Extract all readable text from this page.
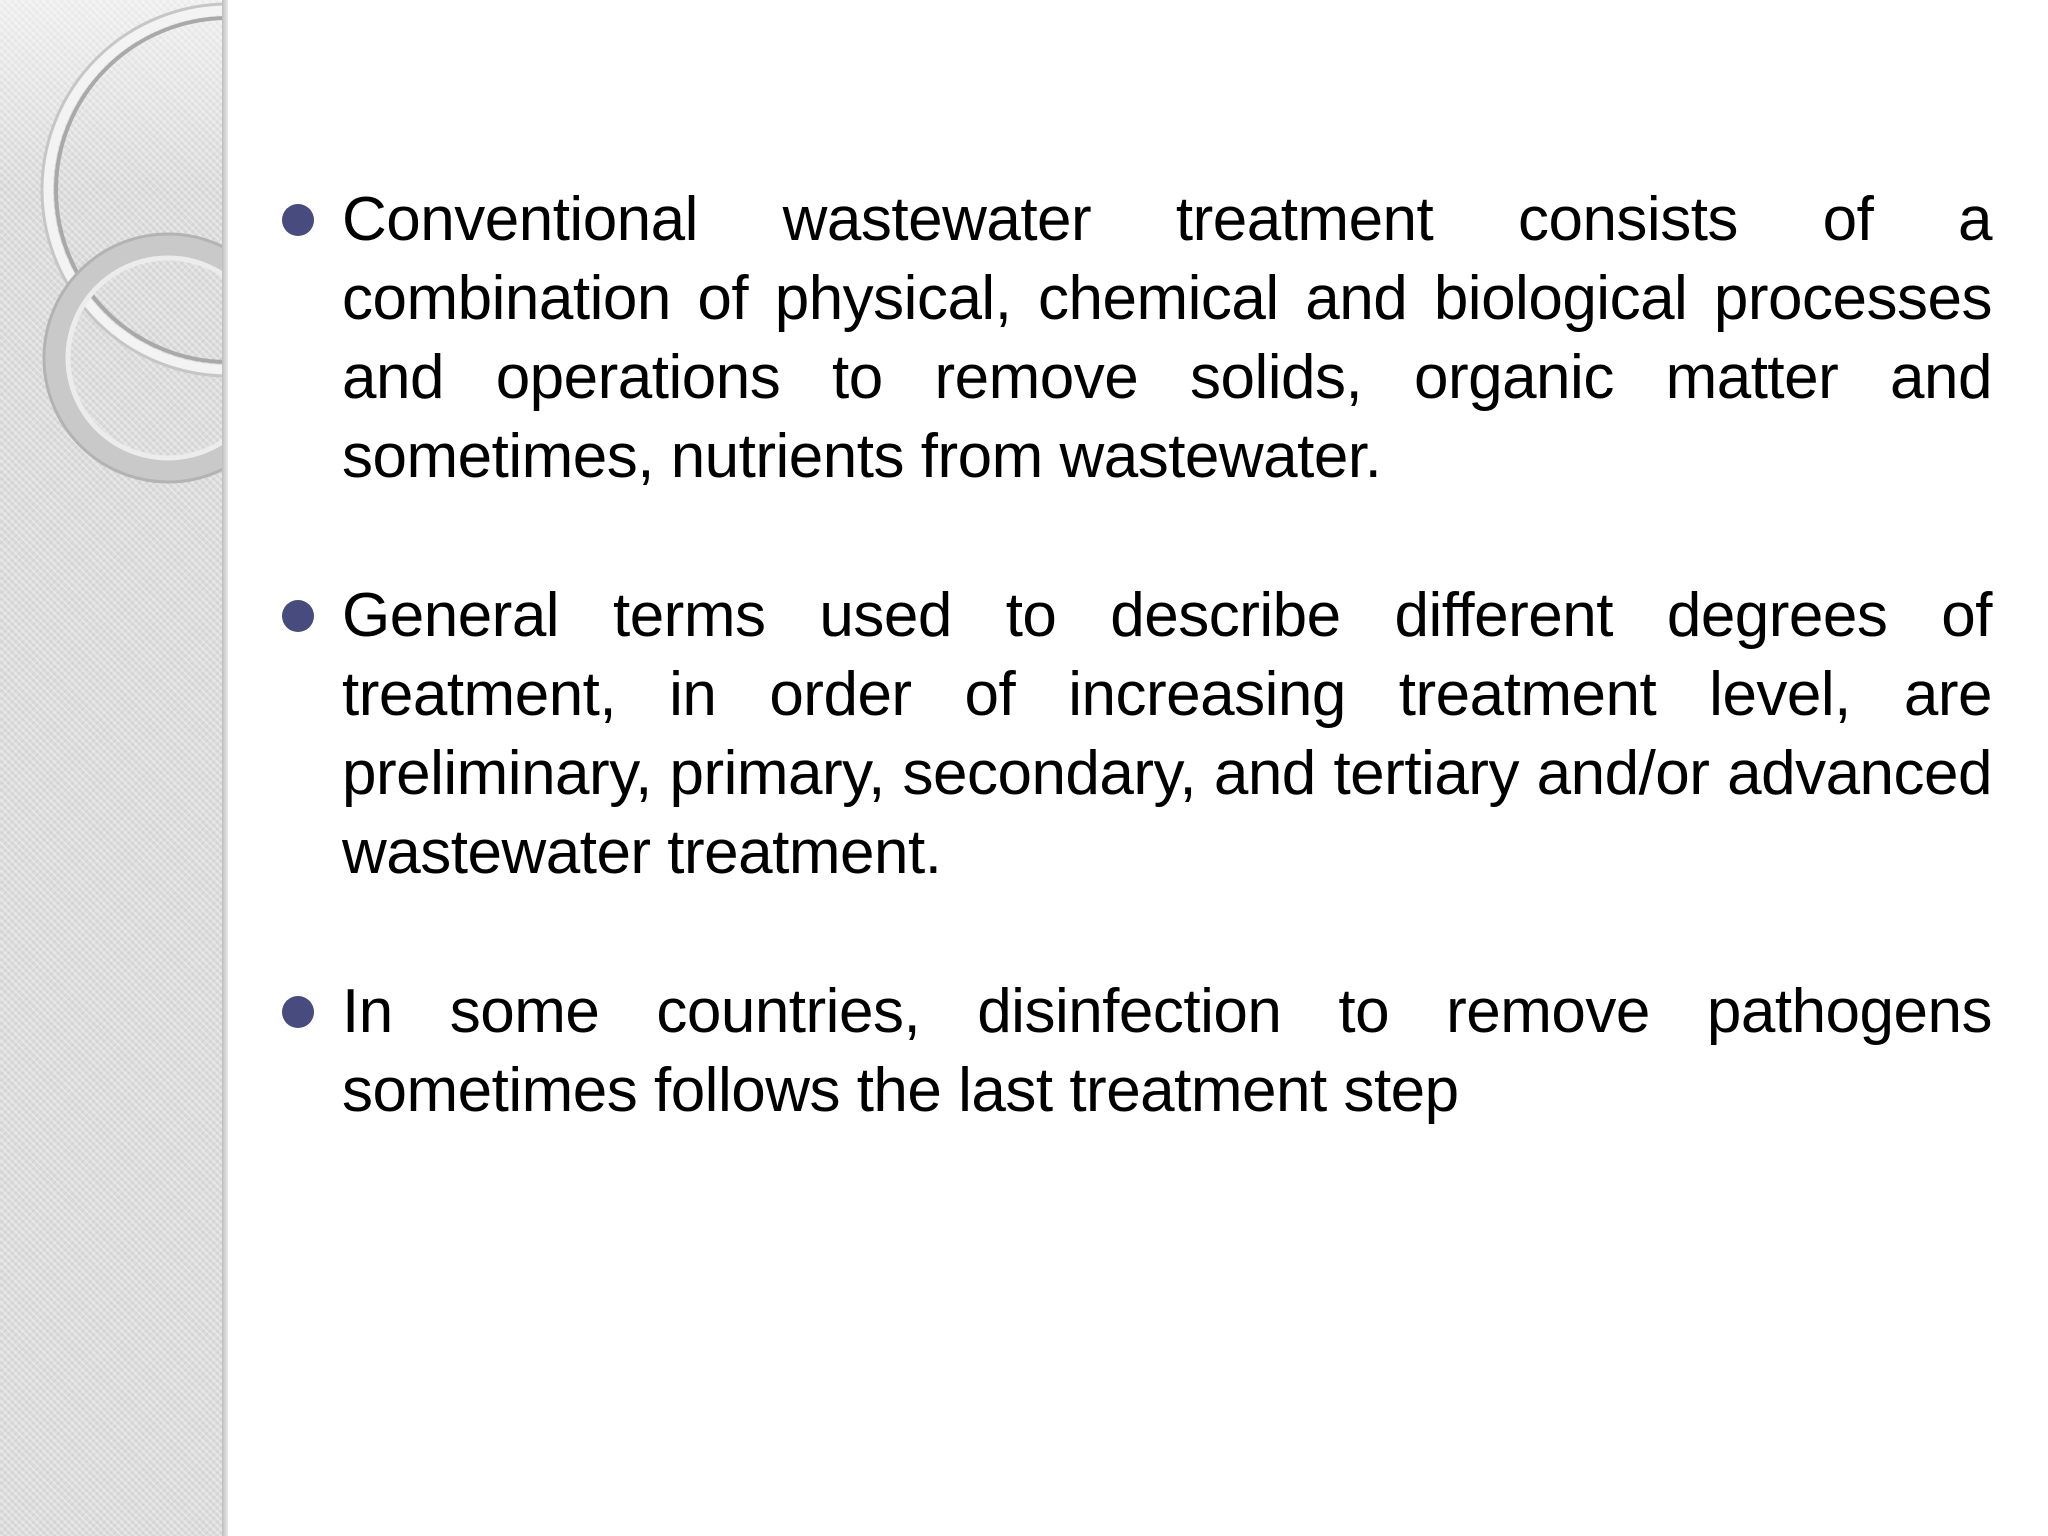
Conventional wastewater treatment consists of a combination of physical, chemical and biological processes and operations to remove solids, organic matter and sometimes, nutrients from wastewater.

General terms used to describe different degrees of treatment, in order of increasing treatment level, are preliminary, primary, secondary, and tertiary and/or advanced wastewater treatment.

In some countries, disinfection to remove pathogens sometimes follows the last treatment step
